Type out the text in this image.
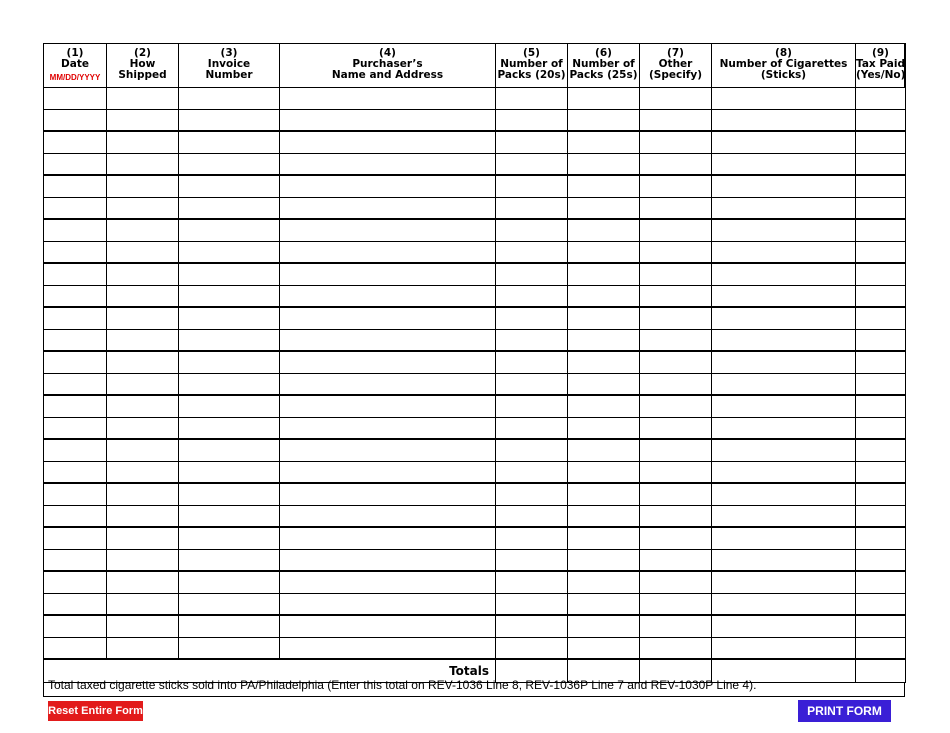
(1)
Date
MM/DD/YYYY	(2)
How
Shipped	(3)
Invoice
Number	(4)
Purchaser’s
Name and Address	(5)
Number of
Packs (20s)	(6)
Number of
Packs (25s)	(7)
Other
(Specify)	(8)
Number of Cigarettes
(Sticks)	(9)
Tax Paid
(Yes/No)

Totals					
Total taxed cigarette sticks sold into PA/Philadelphia (Enter this total on REV-1036 Line 8, REV-1036P Line 7 and REV-1030P Line 4).
Reset Entire Form	PRINT FORM
